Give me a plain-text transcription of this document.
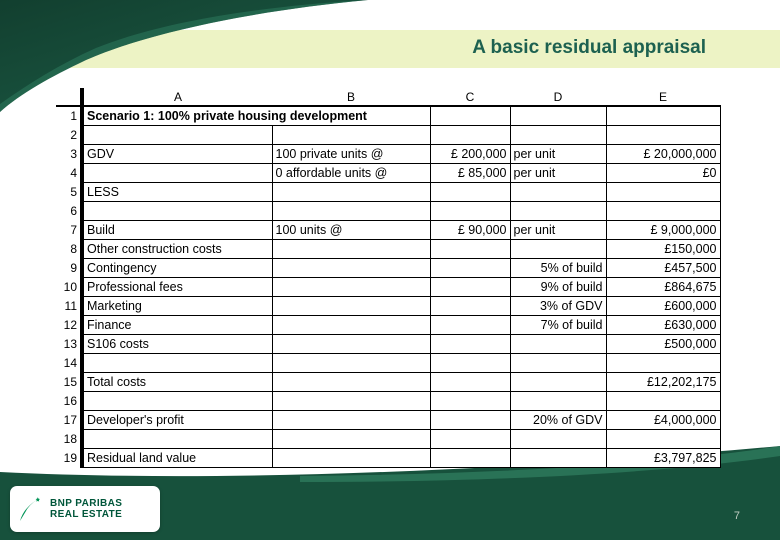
A basic residual appraisal
	A	B	C	D	E
1	Scenario 1: 100% private housing development				
2					
3	GDV	100 private units @	£ 200,000	per unit	£ 20,000,000
4		0 affordable units @	£ 85,000	per unit	£0
5	LESS				
6					
7	Build	100 units @	£ 90,000	per unit	£ 9,000,000
8	Other construction costs				£150,000
9	Contingency			5% of build	£457,500
10	Professional fees			9% of build	£864,675
11	Marketing			3% of GDV	£600,000
12	Finance			7% of build	£630,000
13	S106 costs				£500,000
14					
15	Total costs				£12,202,175
16					
17	Developer's profit			20% of GDV	£4,000,000
18					
19	Residual land value				£3,797,825
BNP PARIBAS
REAL ESTATE	7
